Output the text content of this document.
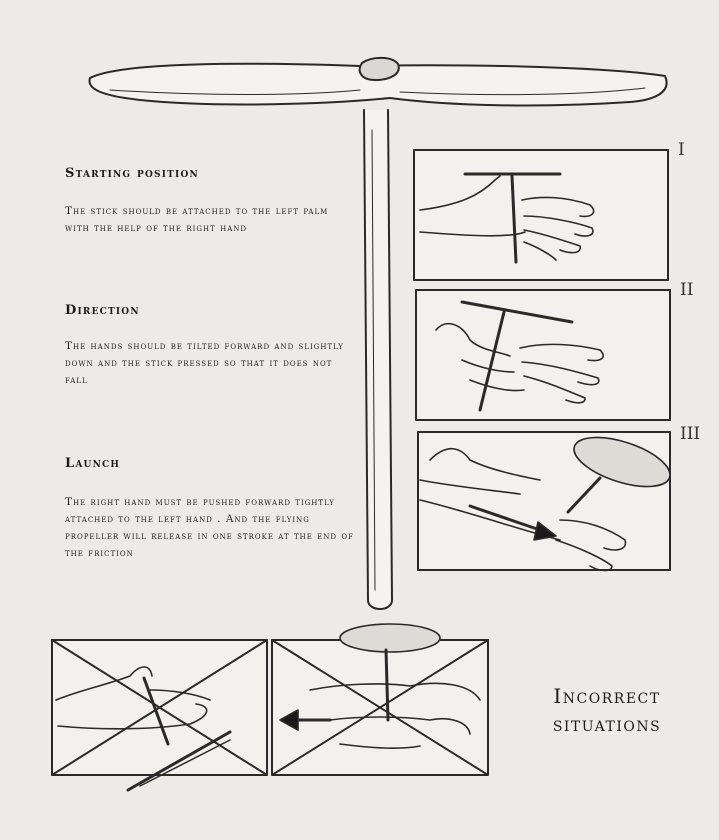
Starting position
The stick should be attached to the left palm with the help of the right hand
Direction
The hands should be tilted forward and slightly down and the stick pressed so that it does not fall
Launch
The right hand must be pushed forward tightly attached to the left hand . And the flying propeller will release in one stroke at the end of the friction
I
II
III
Incorrect
situations
